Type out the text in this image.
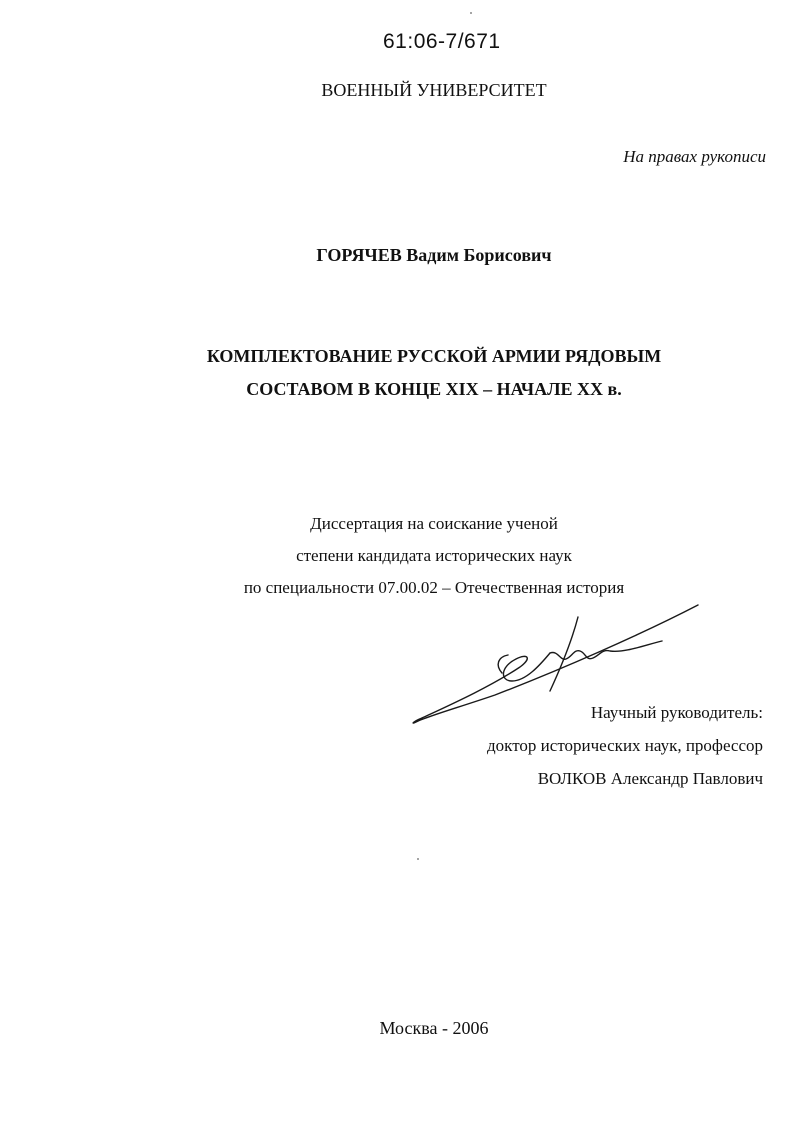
61:06-7/671
ВОЕННЫЙ УНИВЕРСИТЕТ
На правах рукописи
ГОРЯЧЕВ Вадим Борисович
КОМПЛЕКТОВАНИЕ РУССКОЙ АРМИИ РЯДОВЫМ
СОСТАВОМ В КОНЦЕ XIX – НАЧАЛЕ XX в.
Диссертация на соискание ученой
степени кандидата исторических наук
по специальности 07.00.02 – Отечественная история
Научный руководитель:
доктор исторических наук, профессор
ВОЛКОВ Александр Павлович
Москва - 2006
